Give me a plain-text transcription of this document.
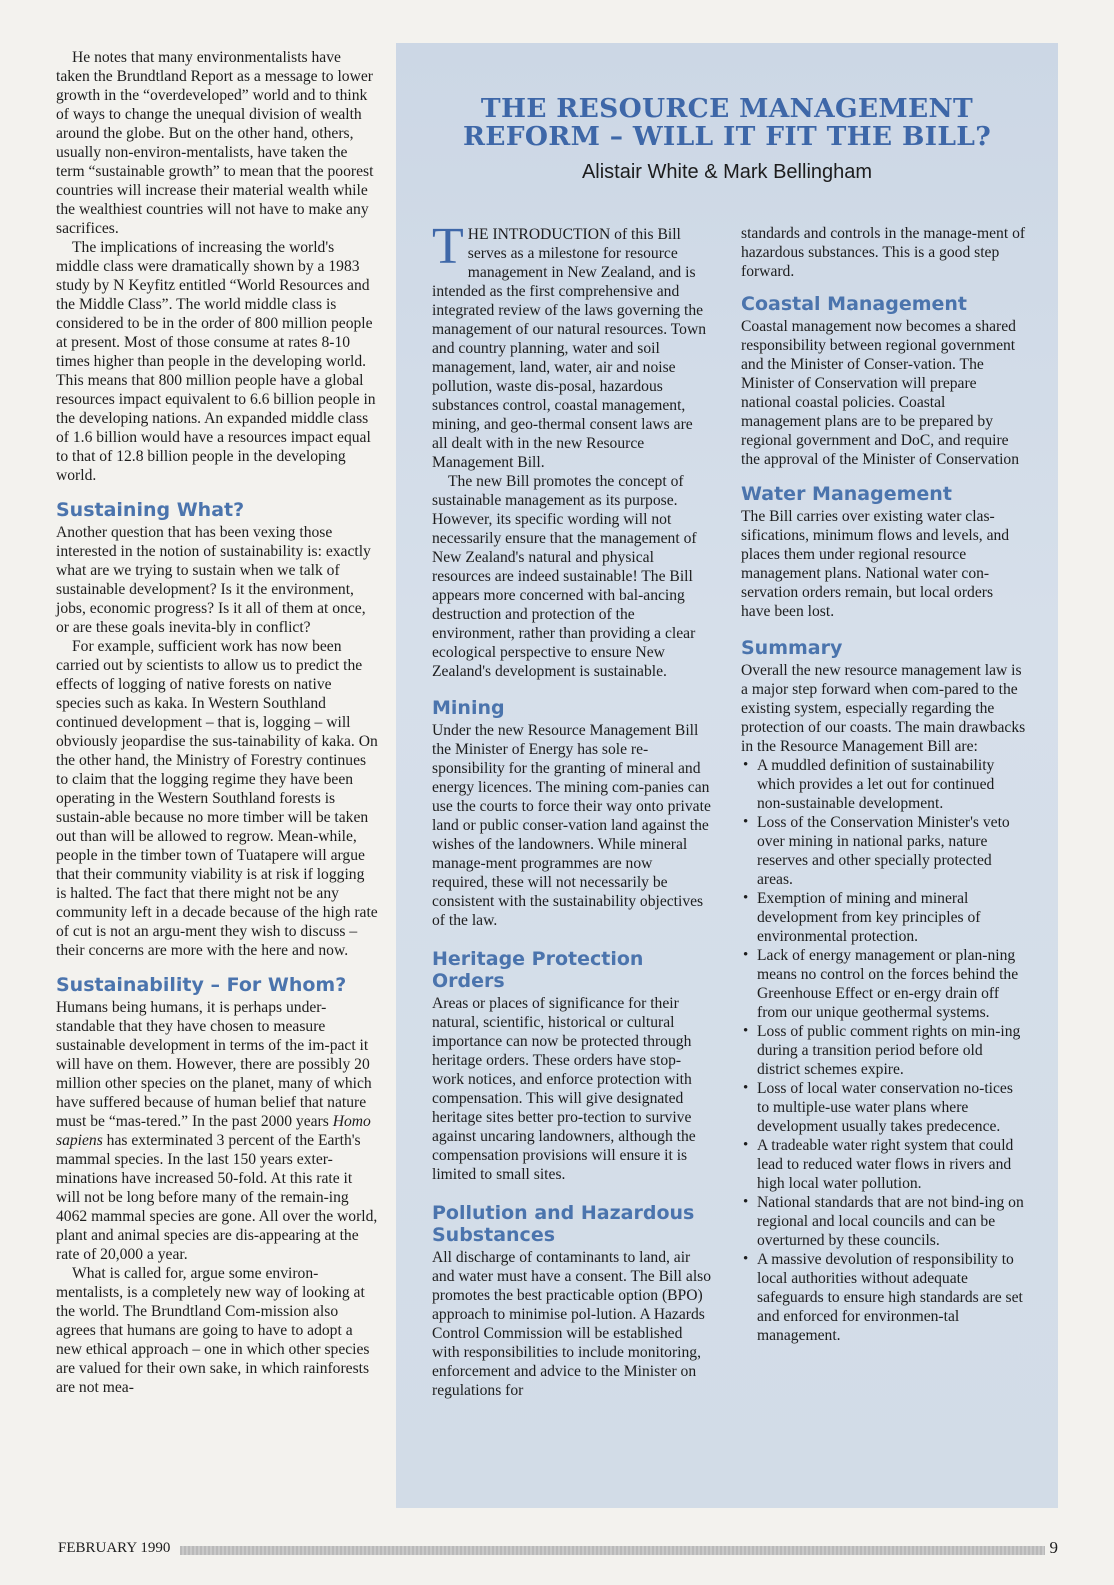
He notes that many environmentalists have taken the Brundtland Report as a message to lower growth in the “overdeveloped” world and to think of ways to change the unequal division of wealth around the globe. But on the other hand, others, usually non-environ-mentalists, have taken the term “sustainable growth” to mean that the poorest countries will increase their material wealth while the wealthiest countries will not have to make any sacrifices.

The implications of increasing the world's middle class were dramatically shown by a 1983 study by N Keyfitz entitled “World Resources and the Middle Class”. The world middle class is considered to be in the order of 800 million people at present. Most of those consume at rates 8-10 times higher than people in the developing world. This means that 800 million people have a global resources impact equivalent to 6.6 billion people in the developing nations. An expanded middle class of 1.6 billion would have a resources impact equal to that of 12.8 billion people in the developing world.

Sustaining What?

Another question that has been vexing those interested in the notion of sustainability is: exactly what are we trying to sustain when we talk of sustainable development? Is it the environment, jobs, economic progress? Is it all of them at once, or are these goals inevita-bly in conflict?

For example, sufficient work has now been carried out by scientists to allow us to predict the effects of logging of native forests on native species such as kaka. In Western Southland continued development – that is, logging – will obviously jeopardise the sus-tainability of kaka. On the other hand, the Ministry of Forestry continues to claim that the logging regime they have been operating in the Western Southland forests is sustain-able because no more timber will be taken out than will be allowed to regrow. Mean-while, people in the timber town of Tuatapere will argue that their community viability is at risk if logging is halted. The fact that there might not be any community left in a decade because of the high rate of cut is not an argu-ment they wish to discuss – their concerns are more with the here and now.

Sustainability – For Whom?

Humans being humans, it is perhaps under-standable that they have chosen to measure sustainable development in terms of the im-pact it will have on them. However, there are possibly 20 million other species on the planet, many of which have suffered because of human belief that nature must be “mas-tered.” In the past 2000 years Homo sapiens has exterminated 3 percent of the Earth's mammal species. In the last 150 years exter-minations have increased 50-fold. At this rate it will not be long before many of the remain-ing 4062 mammal species are gone. All over the world, plant and animal species are dis-appearing at the rate of 20,000 a year.

What is called for, argue some environ-mentalists, is a completely new way of looking at the world. The Brundtland Com-mission also agrees that humans are going to have to adopt a new ethical approach – one in which other species are valued for their own sake, in which rainforests are not mea-

THE RESOURCE MANAGEMENT
REFORM – WILL IT FIT THE BILL?
Alistair White & Mark Bellingham

THE INTRODUCTION of this Bill serves as a milestone for resource management in New Zealand, and is intended as the first comprehensive and integrated review of the laws governing the management of our natural resources. Town and country planning, water and soil management, land, water, air and noise pollution, waste dis-posal, hazardous substances control, coastal management, mining, and geo-thermal consent laws are all dealt with in the new Resource Management Bill.

The new Bill promotes the concept of sustainable management as its purpose. However, its specific wording will not necessarily ensure that the management of New Zealand's natural and physical resources are indeed sustainable! The Bill appears more concerned with bal-ancing destruction and protection of the environment, rather than providing a clear ecological perspective to ensure New Zealand's development is sustainable.

Mining

Under the new Resource Management Bill the Minister of Energy has sole re-sponsibility for the granting of mineral and energy licences. The mining com-panies can use the courts to force their way onto private land or public conser-vation land against the wishes of the landowners. While mineral manage-ment programmes are now required, these will not necessarily be consistent with the sustainability objectives of the law.

Heritage Protection Orders

Areas or places of significance for their natural, scientific, historical or cultural importance can now be protected through heritage orders. These orders have stop-work notices, and enforce protection with compensation. This will give designated heritage sites better pro-tection to survive against uncaring landowners, although the compensation provisions will ensure it is limited to small sites.

Pollution and Hazardous Substances

All discharge of contaminants to land, air and water must have a consent. The Bill also promotes the best practicable option (BPO) approach to minimise pol-lution. A Hazards Control Commission will be established with responsibilities to include monitoring, enforcement and advice to the Minister on regulations for

standards and controls in the manage-ment of hazardous substances. This is a good step forward.

Coastal Management

Coastal management now becomes a shared responsibility between regional government and the Minister of Conser-vation. The Minister of Conservation will prepare national coastal policies. Coastal management plans are to be prepared by regional government and DoC, and require the approval of the Minister of Conservation

Water Management

The Bill carries over existing water clas-sifications, minimum flows and levels, and places them under regional resource management plans. National water con-servation orders remain, but local orders have been lost.

Summary

Overall the new resource management law is a major step forward when com-pared to the existing system, especially regarding the protection of our coasts. The main drawbacks in the Resource Management Bill are:

• A muddled definition of sustainability which provides a let out for continued non-sustainable development.
• Loss of the Conservation Minister's veto over mining in national parks, nature reserves and other specially protected areas.
• Exemption of mining and mineral development from key principles of environmental protection.
• Lack of energy management or plan-ning means no control on the forces behind the Greenhouse Effect or en-ergy drain off from our unique geothermal systems.
• Loss of public comment rights on min-ing during a transition period before old district schemes expire.
• Loss of local water conservation no-tices to multiple-use water plans where development usually takes predecence.
• A tradeable water right system that could lead to reduced water flows in rivers and high local water pollution.
• National standards that are not bind-ing on regional and local councils and can be overturned by these councils.
• A massive devolution of responsibility to local authorities without adequate safeguards to ensure high standards are set and enforced for environmen-tal management.
FEBRUARY 1990	9
